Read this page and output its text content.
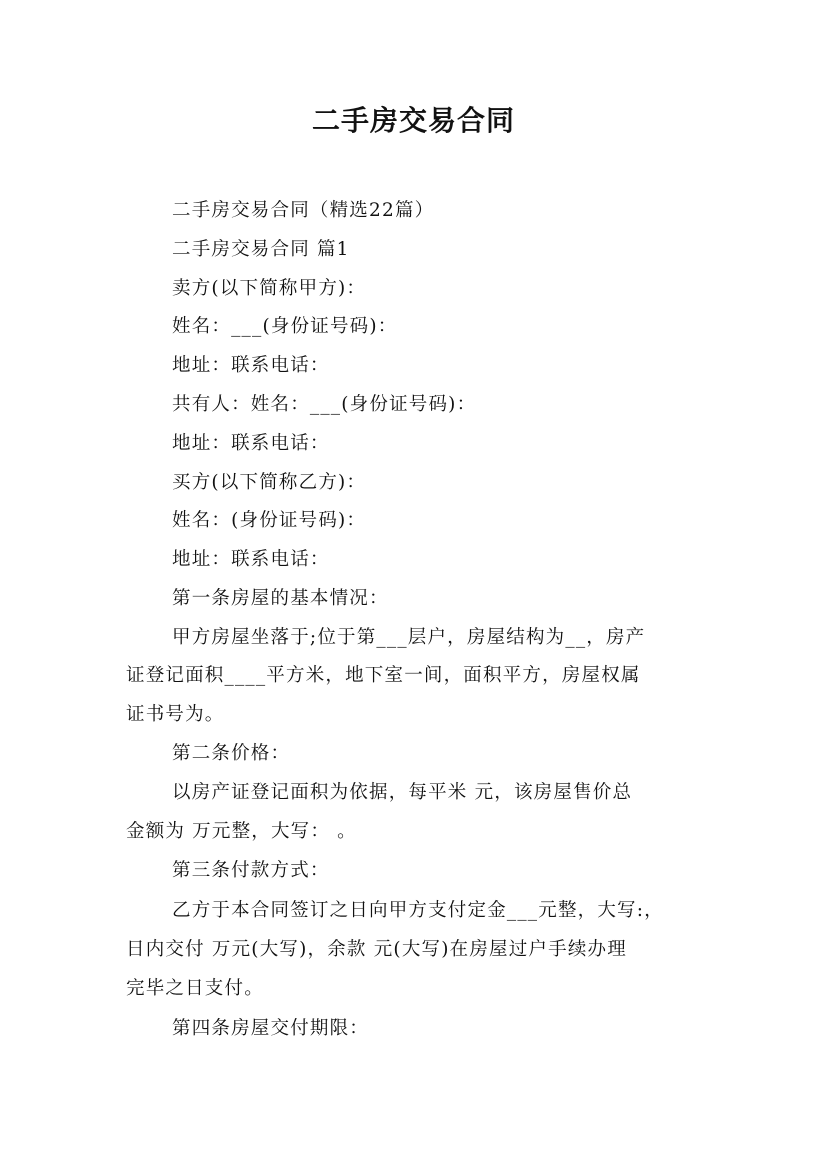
二手房交易合同
二手房交易合同（精选22篇）
二手房交易合同 篇1
卖方(以下简称甲方)：
姓名：___(身份证号码)：
地址：联系电话：
共有人：姓名：___(身份证号码)：
地址：联系电话：
买方(以下简称乙方)：
姓名：(身份证号码)：
地址：联系电话：
第一条房屋的基本情况：
甲方房屋坐落于;位于第___层户，房屋结构为__，房产
证登记面积____平方米，地下室一间，面积平方，房屋权属
证书号为。
第二条价格：
以房产证登记面积为依据，每平米 元，该房屋售价总
金额为 万元整，大写： 。
第三条付款方式：
乙方于本合同签订之日向甲方支付定金___元整，大写:，
日内交付 万元(大写)，余款 元(大写)在房屋过户手续办理
完毕之日支付。
第四条房屋交付期限：
